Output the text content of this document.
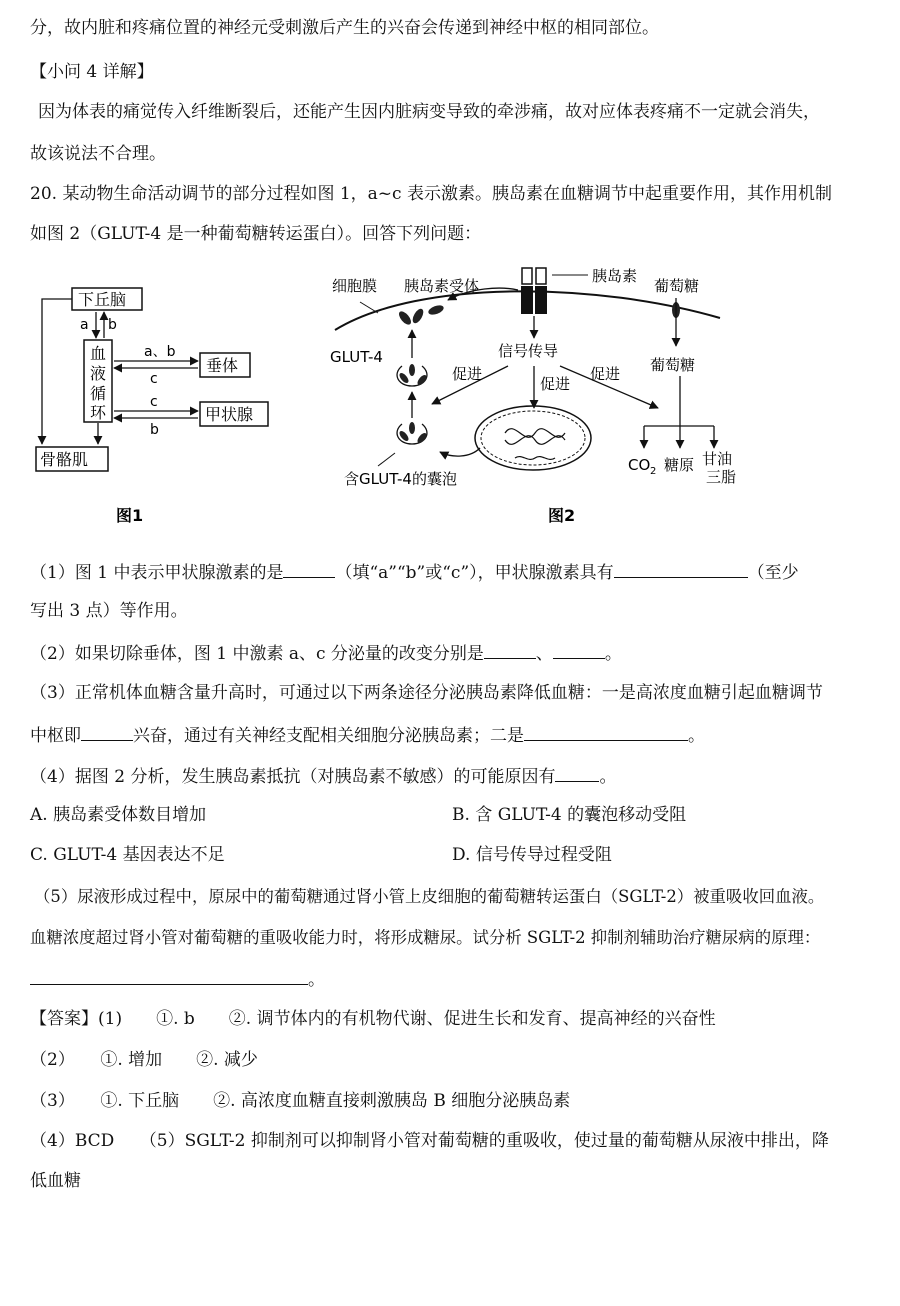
分，故内脏和疼痛位置的神经元受刺激后产生的兴奋会传递到神经中枢的相同部位。
【小问 4 详解】
因为体表的痛觉传入纤维断裂后，还能产生因内脏病变导致的牵涉痛，故对应体表疼痛不一定就会消失，
故该说法不合理。
20. 某动物生命活动调节的部分过程如图 1，a~c 表示激素。胰岛素在血糖调节中起重要作用，其作用机制
如图 2（GLUT-4 是一种葡萄糖转运蛋白）。回答下列问题：
下丘脑
血
液
循
环
垂体
甲状腺
骨骼肌
a b
a、b
c
c
b
图1
细胞膜 胰岛素受体
胰岛素
葡萄糖
葡萄糖
GLUT-4	信号传导
促进
促进
促进
含GLUT-4的囊泡
CO 2 糖原 甘油
三脂
图2
（1）图 1 中表示甲状腺激素的是	（填“a”“b”或“c”），甲状腺激素具有	（至少
写出 3 点）等作用。
（2）如果切除垂体，图 1 中激素 a、c 分泌量的改变分别是	、	。
（3）正常机体血糖含量升高时，可通过以下两条途径分泌胰岛素降低血糖：一是高浓度血糖引起血糖调节
中枢即	兴奋，通过有关神经支配相关细胞分泌胰岛素；二是	。
（4）据图 2 分析，发生胰岛素抵抗（对胰岛素不敏感）的可能原因有	。
A. 胰岛素受体数目增加	B. 含 GLUT-4 的囊泡移动受阻
C. GLUT-4 基因表达不足	D. 信号传导过程受阻
（5）尿液形成过程中，原尿中的葡萄糖通过肾小管上皮细胞的葡萄糖转运蛋白（SGLT-2）被重吸收回血液。
血糖浓度超过肾小管对葡萄糖的重吸收能力时，将形成糖尿。试分析 SGLT-2 抑制剂辅助治疗糖尿病的原理：
。
【答案】(1)　　①. b　　②. 调节体内的有机物代谢、促进生长和发育、提高神经的兴奋性
（2）　　①. 增加　　②. 减少
（3）　　①. 下丘脑　　②. 高浓度血糖直接刺激胰岛 B 细胞分泌胰岛素
（4）BCD　　（5）SGLT-2 抑制剂可以抑制肾小管对葡萄糖的重吸收，使过量的葡萄糖从尿液中排出，降
低血糖
